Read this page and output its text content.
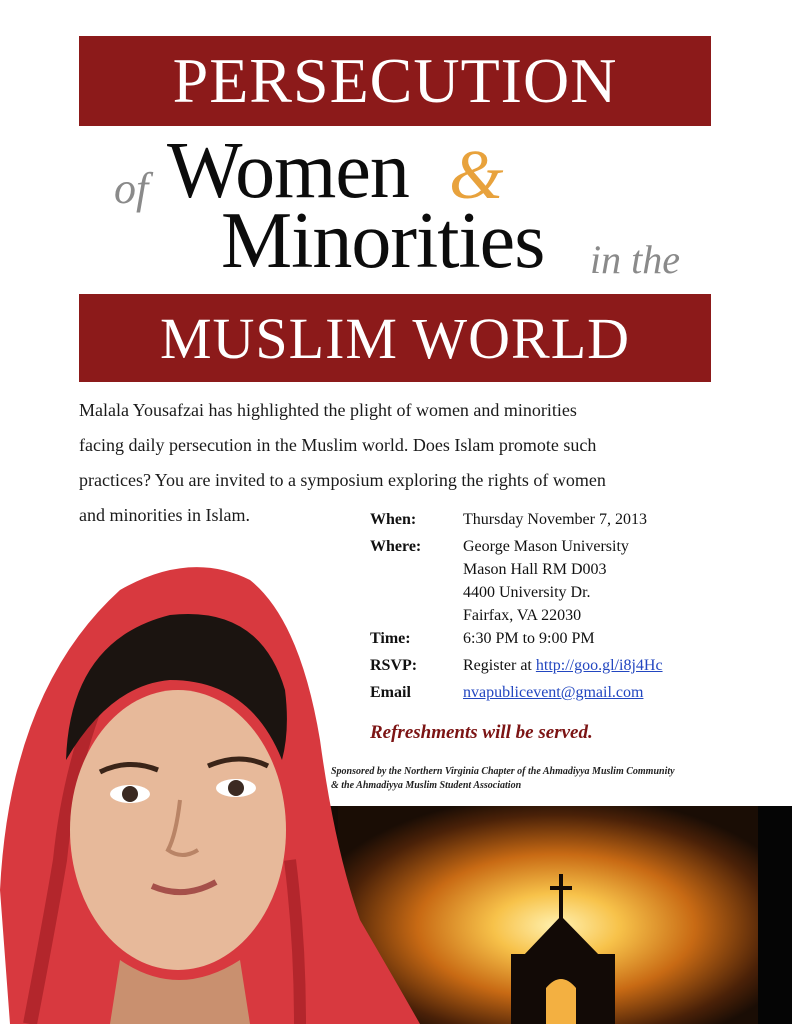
PERSECUTION
of Women &
Minorities in the
MUSLIM WORLD
Malala Yousafzai has highlighted the plight of women and minorities
facing daily persecution in the Muslim world. Does Islam promote such
practices? You are invited to a symposium exploring the rights of women
and minorities in Islam.	When:	Thursday November 7, 2013
Where:	George Mason University
Mason Hall RM D003
4400 University Dr.
Fairfax, VA 22030
Time:	6:30 PM to 9:00 PM
RSVP:	Register at http://goo.gl/i8j4Hc
Email	nvapublicevent@gmail.com
Refreshments will be served.
Sponsored by the Northern Virginia Chapter of the Ahmadiyya Muslim Community
& the Ahmadiyya Muslim Student Association
